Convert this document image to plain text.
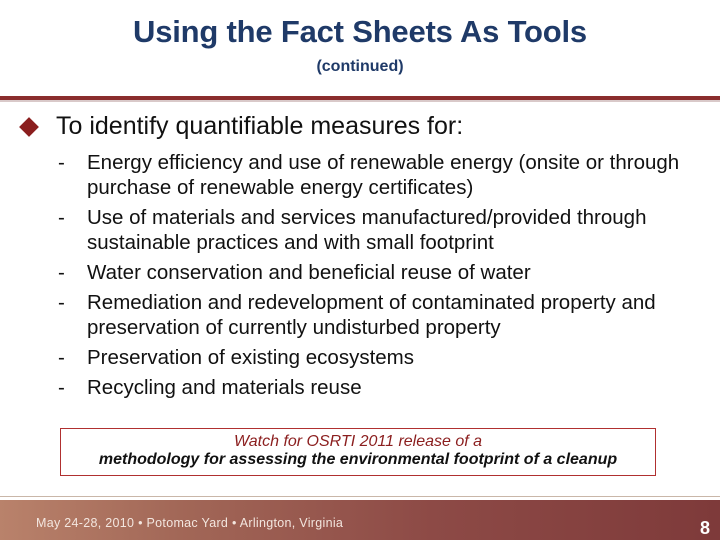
Using the Fact Sheets As Tools
(continued)
To identify quantifiable measures for:
- Energy efficiency and use of renewable energy (onsite or through purchase of renewable energy certificates)
- Use of materials and services manufactured/provided through sustainable practices and with small footprint
- Water conservation and beneficial reuse of water
- Remediation and redevelopment of contaminated property and preservation of currently undisturbed property
- Preservation of existing ecosystems
- Recycling and materials reuse
Watch for OSRTI 2011 release of a
methodology for assessing the environmental footprint of a cleanup
May 24-28, 2010 • Potomac Yard • Arlington, Virginia	8
